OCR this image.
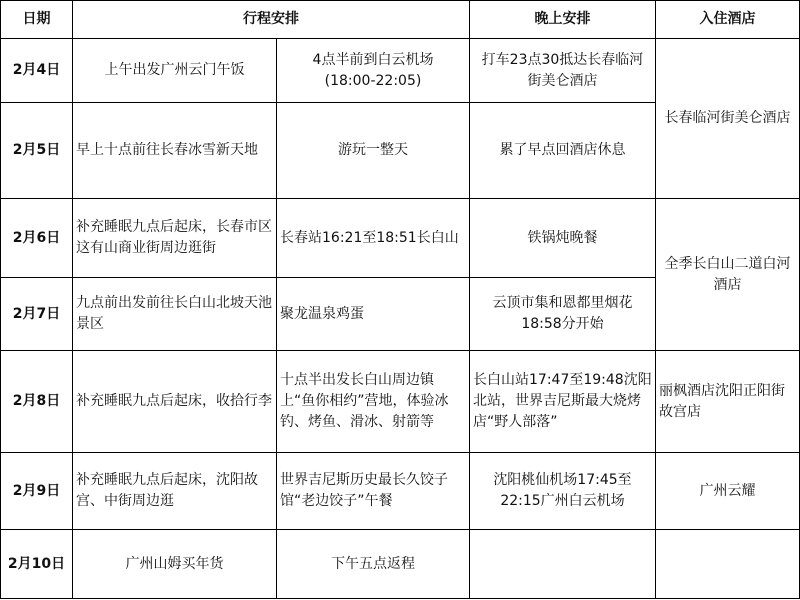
日期	行程安排		晚上安排	入住酒店
2月4日	上午出发广州云门午饭	4点半前到白云机场
(18:00-22:05)	打车23点30抵达长春临河
街美仑酒店	长春临河街美仑酒店
2月5日	早上十点前往长春冰雪新天地	游玩一整天	累了早点回酒店休息	
2月6日	补充睡眠九点后起床，长春市区这有山商业街周边逛街	长春站16:21至18:51长白山	铁锅炖晚餐	全季长白山二道白河
酒店

2月7日	九点前出发前往长白山北坡天池景区	聚龙温泉鸡蛋	云顶市集和恩都里烟花
18:58分开始	

2月8日	补充睡眠九点后起床，收拾行李	十点半出发长白山周边镇上“鱼你相约”营地，体验冰钓、烤鱼、滑冰、射箭等	长白山站17:47至19:48沈阳北站，世界吉尼斯最大烧烤店“野人部落”	丽枫酒店沈阳正阳街故宫店
2月9日	补充睡眠九点后起床，沈阳故宫、中街周边逛	世界吉尼斯历史最长久饺子馆“老边饺子”午餐	沈阳桃仙机场17:45至
22:15广州白云机场	广州云耀
2月10日	广州山姆买年货	下午五点返程		
